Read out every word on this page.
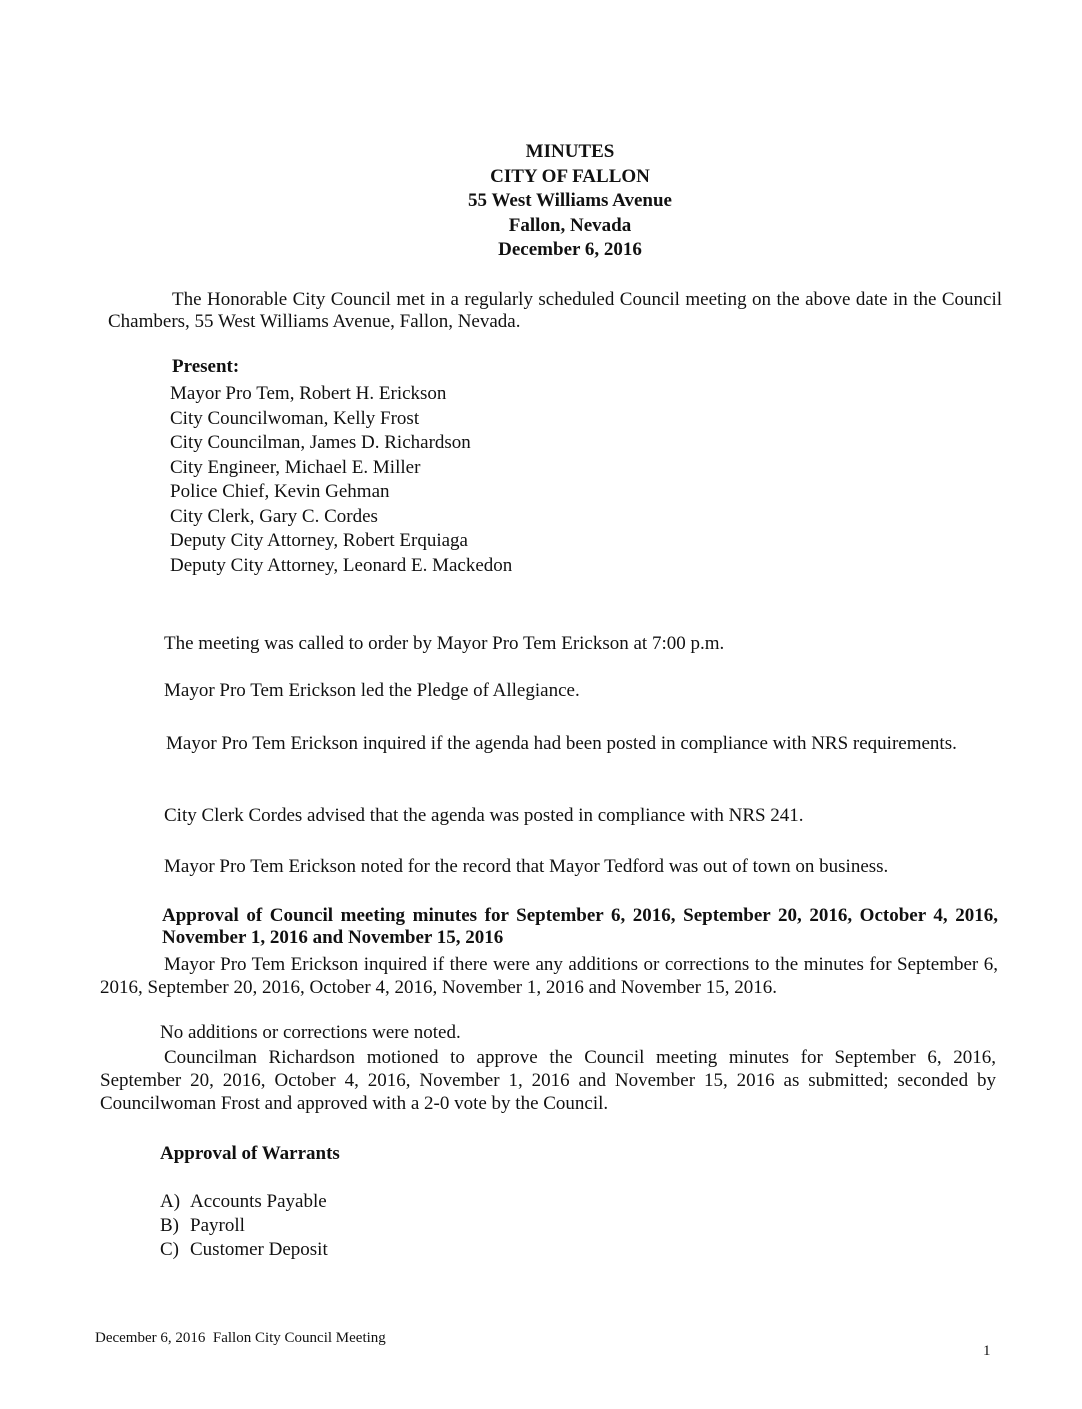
MINUTES
CITY OF FALLON
55 West Williams Avenue
Fallon, Nevada
December 6, 2016
The Honorable City Council met in a regularly scheduled Council meeting on the above date in the Council Chambers, 55 West Williams Avenue, Fallon, Nevada.
Present:
Mayor Pro Tem, Robert H. Erickson
City Councilwoman, Kelly Frost
City Councilman, James D. Richardson
City Engineer, Michael E. Miller
Police Chief, Kevin Gehman
City Clerk, Gary C. Cordes
Deputy City Attorney, Robert Erquiaga
Deputy City Attorney, Leonard E. Mackedon
The meeting was called to order by Mayor Pro Tem Erickson at 7:00 p.m.
Mayor Pro Tem Erickson led the Pledge of Allegiance.
Mayor Pro Tem Erickson inquired if the agenda had been posted in compliance with NRS requirements.
City Clerk Cordes advised that the agenda was posted in compliance with NRS 241.
Mayor Pro Tem Erickson noted for the record that Mayor Tedford was out of town on business.
Approval of Council meeting minutes for September 6, 2016, September 20, 2016, October 4, 2016, November 1, 2016 and November 15, 2016
Mayor Pro Tem Erickson inquired if there were any additions or corrections to the minutes for September 6, 2016, September 20, 2016, October 4, 2016, November 1, 2016 and November 15, 2016.
No additions or corrections were noted.
Councilman Richardson motioned to approve the Council meeting minutes for September 6, 2016, September 20, 2016, October 4, 2016, November 1, 2016 and November 15, 2016 as submitted; seconded by Councilwoman Frost and approved with a 2-0 vote by the Council.
Approval of Warrants
A) Accounts Payable
B) Payroll
C) Customer Deposit
December 6, 2016  Fallon City Council Meeting
1
